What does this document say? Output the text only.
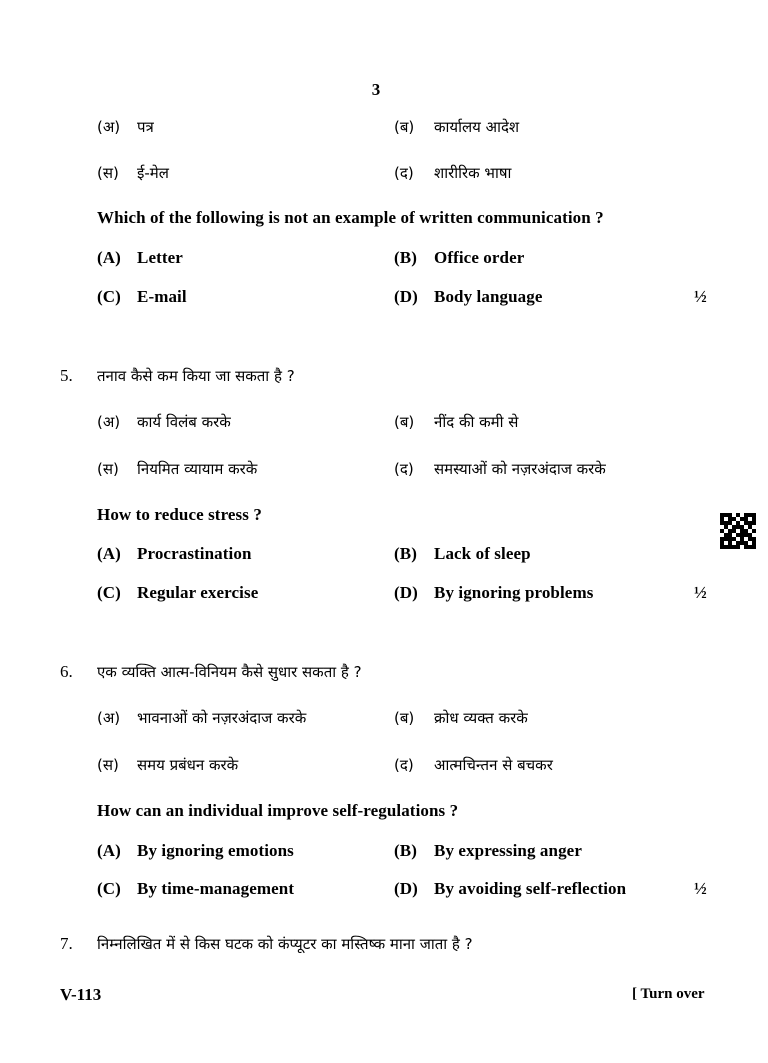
3
(अ) पत्र	(ब) कार्यालय आदेश
(स) ई-मेल	(द) शारीरिक भाषा
Which of the following is not an example of written communication ?
(A) Letter	(B) Office order
(C) E-mail	(D) Body language	½
5. तनाव कैसे कम किया जा सकता है ?
(अ) कार्य विलंब करके	(ब) नींद की कमी से
(स) नियमित व्यायाम करके	(द) समस्याओं को नज़रअंदाज करके
How to reduce stress ?
(A) Procrastination	(B) Lack of sleep
(C) Regular exercise	(D) By ignoring problems	½
6. एक व्यक्ति आत्म-विनियम कैसे सुधार सकता है ?
(अ) भावनाओं को नज़रअंदाज करके	(ब) क्रोध व्यक्त करके
(स) समय प्रबंधन करके	(द) आत्मचिन्तन से बचकर
How can an individual improve self-regulations ?
(A) By ignoring emotions	(B) By expressing anger
(C) By time-management	(D) By avoiding self-reflection	½
7. निम्नलिखित में से किस घटक को कंप्यूटर का मस्तिष्क माना जाता है ?
V-113	[ Turn over
